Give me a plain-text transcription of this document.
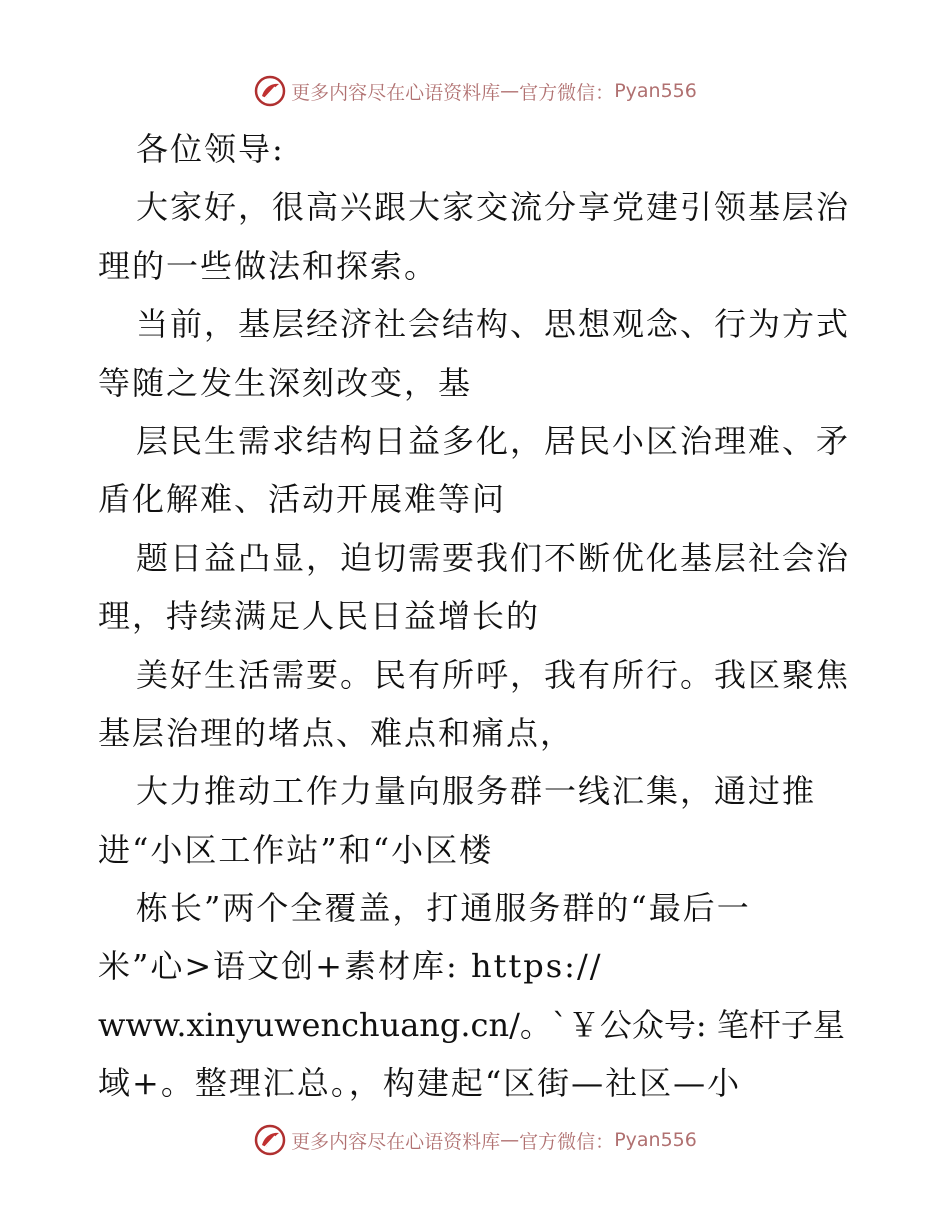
更多内容尽在心语资料库 — 官方微信： Pyan556
各位领导:
大家好，很高兴跟大家交流分享党建引领基层治
理的一些做法和探索。
当前，基层经济社会结构、思想观念、行为方式
等随之发生深刻改变，基
层民生需求结构日益多化，居民小区治理难、矛
盾化解难、活动开展难等问
题日益凸显，迫切需要我们不断优化基层社会治
理，持续满足人民日益增长的
美好生活需要。民有所呼，我有所行。我区聚焦
基层治理的堵点、难点和痛点，
大力推动工作力量向服务群一线汇集，通过推
进“小区工作站”和“小区楼
栋长”两个全覆盖，打通服务群的“最后一
米”心>语文创+素材库: https://
www.xinyuwenchuang.cn/。`￥公众号: 笔杆子星
域+。整理汇总。，构建起“区街—社区—小
更多内容尽在心语资料库 — 官方微信： Pyan556
